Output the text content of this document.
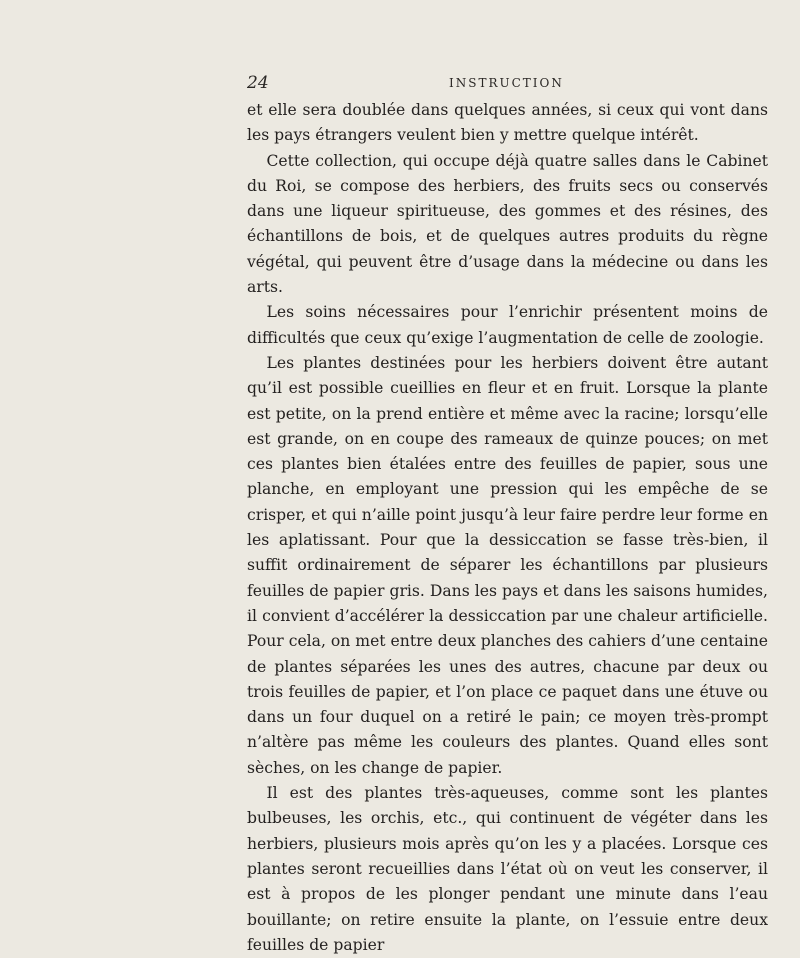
24	INSTRUCTION

et elle sera doublée dans quelques années, si ceux qui vont dans les pays étrangers veulent bien y mettre quelque intérêt.

Cette collection, qui occupe déjà quatre salles dans le Cabinet du Roi, se compose des herbiers, des fruits secs ou conservés dans une liqueur spiritueuse, des gommes et des résines, des échantillons de bois, et de quelques autres produits du règne végétal, qui peuvent être d’usage dans la médecine ou dans les arts.

Les soins nécessaires pour l’enrichir présentent moins de difficultés que ceux qu’exige l’augmentation de celle de zoologie.

Les plantes destinées pour les herbiers doivent être autant qu’il est possible cueillies en fleur et en fruit. Lorsque la plante est petite, on la prend entière et même avec la racine; lorsqu’elle est grande, on en coupe des rameaux de quinze pouces; on met ces plantes bien étalées entre des feuilles de papier, sous une planche, en employant une pression qui les empêche de se crisper, et qui n’aille point jusqu’à leur faire perdre leur forme en les aplatissant. Pour que la dessiccation se fasse très-bien, il suffit ordinairement de séparer les échantillons par plusieurs feuilles de papier gris. Dans les pays et dans les saisons humides, il convient d’accélérer la dessiccation par une chaleur artificielle. Pour cela, on met entre deux planches des cahiers d’une centaine de plantes séparées les unes des autres, chacune par deux ou trois feuilles de papier, et l’on place ce paquet dans une étuve ou dans un four duquel on a retiré le pain; ce moyen très-prompt n’altère pas même les couleurs des plantes. Quand elles sont sèches, on les change de papier.

Il est des plantes très-aqueuses, comme sont les plantes bulbeuses, les orchis, etc., qui continuent de végéter dans les herbiers, plusieurs mois après qu’on les y a placées. Lorsque ces plantes seront recueillies dans l’état où on veut les conserver, il est à propos de les plonger pendant une minute dans l’eau bouillante; on retire ensuite la plante, on l’essuie entre deux feuilles de papier
